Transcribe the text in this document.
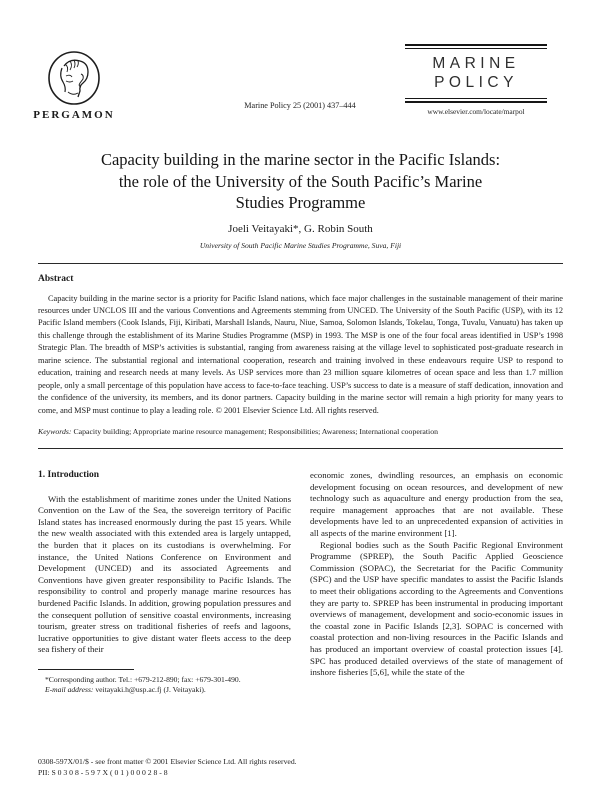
PERGAMON
Marine Policy 25 (2001) 437–444
MARINE
POLICY
www.elsevier.com/locate/marpol
Capacity building in the marine sector in the Pacific Islands:
the role of the University of the South Pacific’s Marine
Studies Programme
Joeli Veitayaki*, G. Robin South
University of South Pacific Marine Studies Programme, Suva, Fiji
Abstract

Capacity building in the marine sector is a priority for Pacific Island nations, which face major challenges in the sustainable management of their marine resources under UNCLOS III and the various Conventions and Agreements stemming from UNCED. The University of the South Pacific (USP), with its 12 Pacific Island members (Cook Islands, Fiji, Kiribati, Marshall Islands, Nauru, Niue, Samoa, Solomon Islands, Tokelau, Tonga, Tuvalu, Vanuatu) has taken up this challenge through the establishment of its Marine Studies Programme (MSP) in 1993. The MSP is one of the four focal areas identified in USP’s 1998 Strategic Plan. The breadth of MSP’s activities is substantial, ranging from awareness raising at the village level to sophisticated post-graduate research in marine science. The substantial regional and international cooperation, research and training involved in these endeavours require USP to respond to education, training and research needs at many levels. As USP services more than 23 million square kilometres of ocean space and less than 1.7 million people, only a small percentage of this population have access to face-to-face teaching. USP’s success to date is a measure of staff dedication, innovation and the confidence of the university, its members, and its donor partners. Capacity building in the marine sector will remain a high priority for many years to come, and MSP must continue to play a leading role. © 2001 Elsevier Science Ltd. All rights reserved.

Keywords: Capacity building; Appropriate marine resource management; Responsibilities; Awareness; International cooperation
1. Introduction

With the establishment of maritime zones under the United Nations Convention on the Law of the Sea, the sovereign territory of Pacific Island states has increased enormously during the past 15 years. While the new wealth associated with this extended area is largely untapped, the burden that it places on its custodians is overwhelming. For instance, the United Nations Conference on Environment and Development (UNCED) and its associated Agreements and Conventions have given greater responsibility to Pacific Islands. The responsibility to control and properly manage marine resources has burdened Pacific Islands. In addition, growing population pressures and the consequent pollution of sensitive coastal environments, increasing tourism, greater stress on traditional fisheries of reefs and lagoons, lucrative opportunities to give distant water fleets access to the deep sea fishery of their

*Corresponding author. Tel.: +679-212-890; fax: +679-301-490.
E-mail address: veitayaki.h@usp.ac.fj (J. Veitayaki).

economic zones, dwindling resources, an emphasis on economic development focusing on ocean resources, and development of new technology such as aquaculture and energy production from the sea, require management approaches that are not available. These developments have led to an unprecedented expansion of activities in all aspects of the marine environment [1].

Regional bodies such as the South Pacific Regional Environment Programme (SPREP), the South Pacific Applied Geoscience Commission (SOPAC), the Secretariat for the Pacific Community (SPC) and the USP have specific mandates to assist the Pacific Islands to meet their obligations according to the Agreements and Conventions they are party to. SPREP has been instrumental in producing important overviews of management, development and socio-economic issues in the coastal zone in Pacific Islands [2,3]. SOPAC is concerned with coastal protection and non-living resources in the Pacific Islands and has produced an important overview of coastal protection issues [4]. SPC has produced detailed overviews of the state of management of inshore fisheries [5,6], while the state of the

0308-597X/01/$ - see front matter © 2001 Elsevier Science Ltd. All rights reserved.
PII: S 0 3 0 8 - 5 9 7 X ( 0 1 ) 0 0 0 2 8 - 8
